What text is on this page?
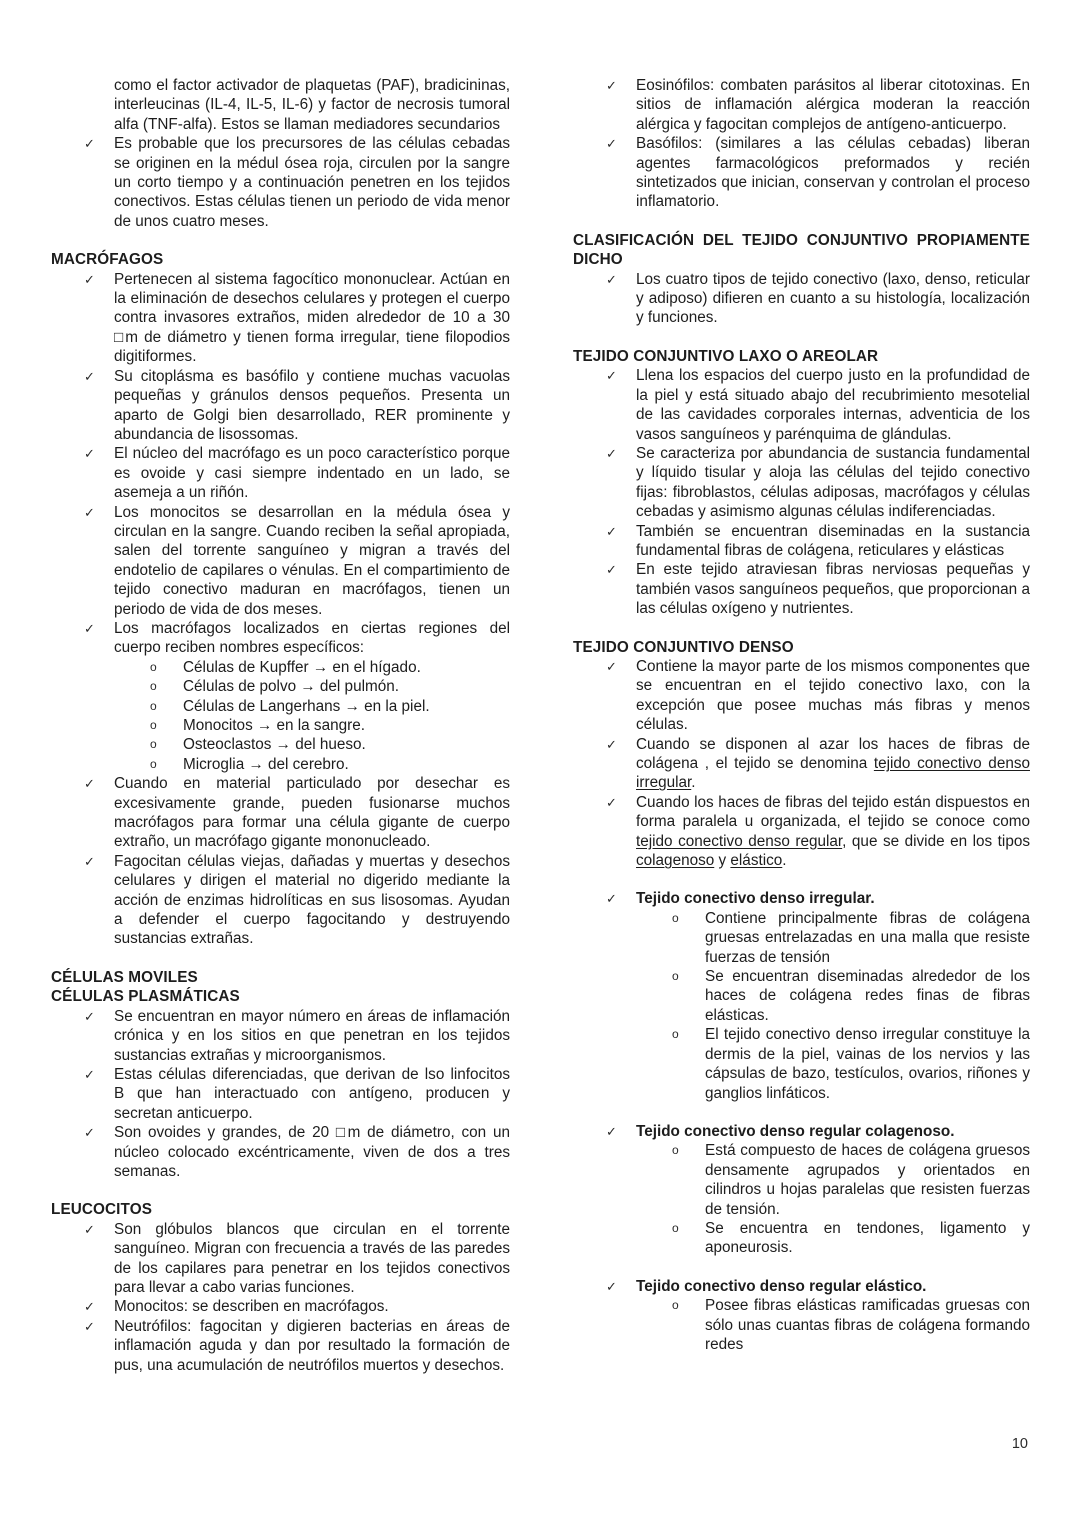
como el factor activador de plaquetas (PAF), bradicininas, interleucinas (IL-4, IL-5, IL-6) y factor de necrosis tumoral alfa (TNF-alfa). Estos se llaman mediadores secundarios
✓	Es probable que los precursores de las células cebadas se originen en la médul ósea roja, circulen por la sangre un corto tiempo y a continuación penetren en los tejidos conectivos. Estas células tienen un periodo de vida menor de unos cuatro meses.
MACRÓFAGOS
✓	Pertenecen al sistema fagocítico mononuclear. Actúan en la eliminación de desechos celulares y protegen el cuerpo contra invasores extraños, miden alrededor de 10 a 30 □m de diámetro y tienen forma irregular, tiene filopodios digitiformes.
✓	Su citoplásma es basófilo y contiene muchas vacuolas pequeñas y gránulos densos pequeños. Presenta un aparto de Golgi bien desarrollado, RER prominente y abundancia de lisossomas.
✓	El núcleo del macrófago es un poco característico porque es ovoide y casi siempre indentado en un lado, se asemeja a un riñón.
✓	Los monocitos se desarrollan en la médula ósea y circulan en la sangre. Cuando reciben la señal apropiada, salen del torrente sanguíneo y migran a través del endotelio de capilares o vénulas. En el compartimiento de tejido conectivo maduran en macrófagos, tienen un periodo de vida de dos meses.
✓	Los macrófagos localizados en ciertas regiones del cuerpo reciben nombres específicos:
o	Células de Kupffer → en el hígado.
o	Células de polvo → del pulmón.
o	Células de Langerhans → en la piel.
o	Monocitos → en la sangre.
o	Osteoclastos → del hueso.
o	Microglia → del cerebro.
✓	Cuando en material particulado por desechar es excesivamente grande, pueden fusionarse muchos macrófagos para formar una célula gigante de cuerpo extraño, un macrófago gigante mononucleado.
✓	Fagocitan células viejas, dañadas y muertas y desechos celulares y dirigen el material no digerido mediante la acción de enzimas hidrolíticas en sus lisosomas. Ayudan a defender el cuerpo fagocitando y destruyendo sustancias extrañas.
CÉLULAS MOVILES
CÉLULAS PLASMÁTICAS
✓	Se encuentran en mayor número en áreas de inflamación crónica y en los sitios en que penetran en los tejidos sustancias extrañas y microorganismos.
✓	Estas células diferenciadas, que derivan de lso linfocitos B que han interactuado con antígeno, producen y secretan anticuerpo.
✓	Son ovoides y grandes, de 20 □m de diámetro, con un núcleo colocado excéntricamente, viven de dos a tres semanas.
LEUCOCITOS
✓	Son glóbulos blancos que circulan en el torrente sanguíneo. Migran con frecuencia a través de las paredes de los capilares para penetrar en los tejidos conectivos para llevar a cabo varias funciones.
✓	Monocitos: se describen en macrófagos.
✓	Neutrófilos: fagocitan y digieren bacterias en áreas de inflamación aguda y dan por resultado la formación de pus, una acumulación de neutrófilos muertos y desechos.
✓	Eosinófilos: combaten parásitos al liberar citotoxinas. En sitios de inflamación alérgica moderan la reacción alérgica y fagocitan complejos de antígeno-anticuerpo.
✓	Basófilos: (similares a las células cebadas) liberan agentes farmacológicos preformados y recién sintetizados que inician, conservan y controlan el proceso inflamatorio.
CLASIFICACIÓN DEL TEJIDO CONJUNTIVO PROPIAMENTE DICHO
✓	Los cuatro tipos de tejido conectivo (laxo, denso, reticular y adiposo) difieren en cuanto a su histología, localización y funciones.
TEJIDO CONJUNTIVO LAXO O AREOLAR
✓	Llena los espacios del cuerpo justo en la profundidad de la piel y está situado abajo del recubrimiento mesotelial de las cavidades corporales internas, adventicia de los vasos sanguíneos y parénquima de glándulas.
✓	Se caracteriza por abundancia de sustancia fundamental y líquido tisular y aloja las células del tejido conectivo fijas: fibroblastos, células adiposas, macrófagos y células cebadas y asimismo algunas células indiferenciadas.
✓	También se encuentran diseminadas en la sustancia fundamental fibras de colágena, reticulares y elásticas
✓	En este tejido atraviesan fibras nerviosas pequeñas y también vasos sanguíneos pequeños, que proporcionan a las células oxígeno y nutrientes.
TEJIDO CONJUNTIVO DENSO
✓	Contiene la mayor parte de los mismos componentes que se encuentran en el tejido conectivo laxo, con la excepción que posee muchas más fibras y menos células.
✓	Cuando se disponen al azar los haces de fibras de colágena , el tejido se denomina tejido conectivo denso irregular.
✓	Cuando los haces de fibras del tejido están dispuestos en forma paralela u organizada, el tejido se conoce como tejido conectivo denso regular, que se divide en los tipos colagenoso y elástico.
✓	Tejido conectivo denso irregular.
o	Contiene principalmente fibras de colágena gruesas entrelazadas en una malla que resiste fuerzas de tensión
o	Se encuentran diseminadas alrededor de los haces de colágena redes finas de fibras elásticas.
o	El tejido conectivo denso irregular constituye la dermis de la piel, vainas de los nervios y las cápsulas de bazo, testículos, ovarios, riñones y ganglios linfáticos.
✓	Tejido conectivo denso regular colagenoso.
o	Está compuesto de haces de colágena gruesos densamente agrupados y orientados en cilindros u hojas paralelas que resisten fuerzas de tensión.
o	Se encuentra en tendones, ligamento y aponeurosis.
✓	Tejido conectivo denso regular elástico.
o	Posee fibras elásticas ramificadas gruesas con sólo unas cuantas fibras de colágena formando redes
10
